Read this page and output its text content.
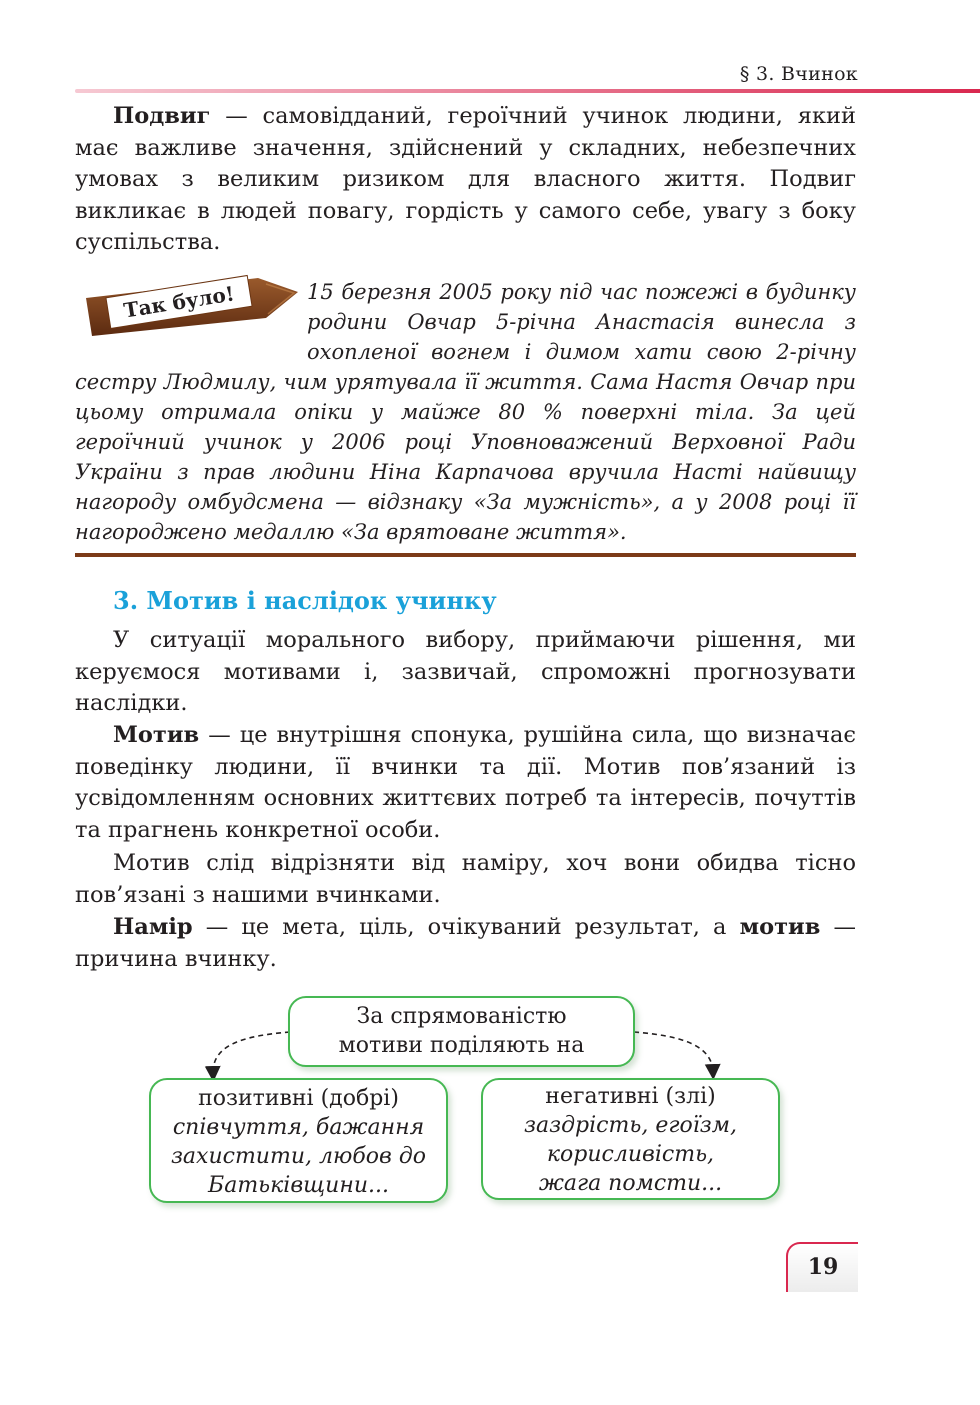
§ 3. Вчинок

Подвиг — самовідданий, героїчний учинок людини, який має важливе значення, здійснений у складних, небезпечних умовах з великим ризиком для власного життя. Подвиг викликає в людей повагу, гордість у самого себе, увагу з боку суспільства.

15 березня 2005 року під час пожежі в будинку родини Овчар 5-річна Анастасія винесла з охопленої вогнем і димом хати свою 2-річну сестру Людмилу, чим урятувала її життя. Сама Настя Овчар при цьому отримала опіки у майже 80 % поверхні тіла. За цей героїчний учинок у 2006 році Уповноважений Верховної Ради України з прав людини Ніна Карпачова вручила Насті найвищу нагороду омбудсмена — відзнаку «За мужність», а у 2008 році її нагороджено медаллю «За врятоване життя».

Так було!
3. Мотив і наслідок учинку

У ситуації морального вибору, приймаючи рішення, ми керуємося мотивами і, зазвичай, спроможні прогнозувати наслідки.

Мотив — це внутрішня спонука, рушійна сила, що визначає поведінку людини, її вчинки та дії. Мотив пов’язаний із усвідомленням основних життєвих потреб та інтересів, почуттів та прагнень конкретної особи.

Мотив слід відрізняти від наміру, хоч вони обидва тісно пов’язані з нашими вчинками.

Намір — це мета, ціль, очікуваний результат, а мотив — причина вчинку.

За спрямованістю
мотиви поділяють на
позитивні (добрі)
співчуття, бажання
захистити, любов до
Батьківщини...
негативні (злі)
заздрість, егоїзм,
корисливість,
жага помсти...
19
